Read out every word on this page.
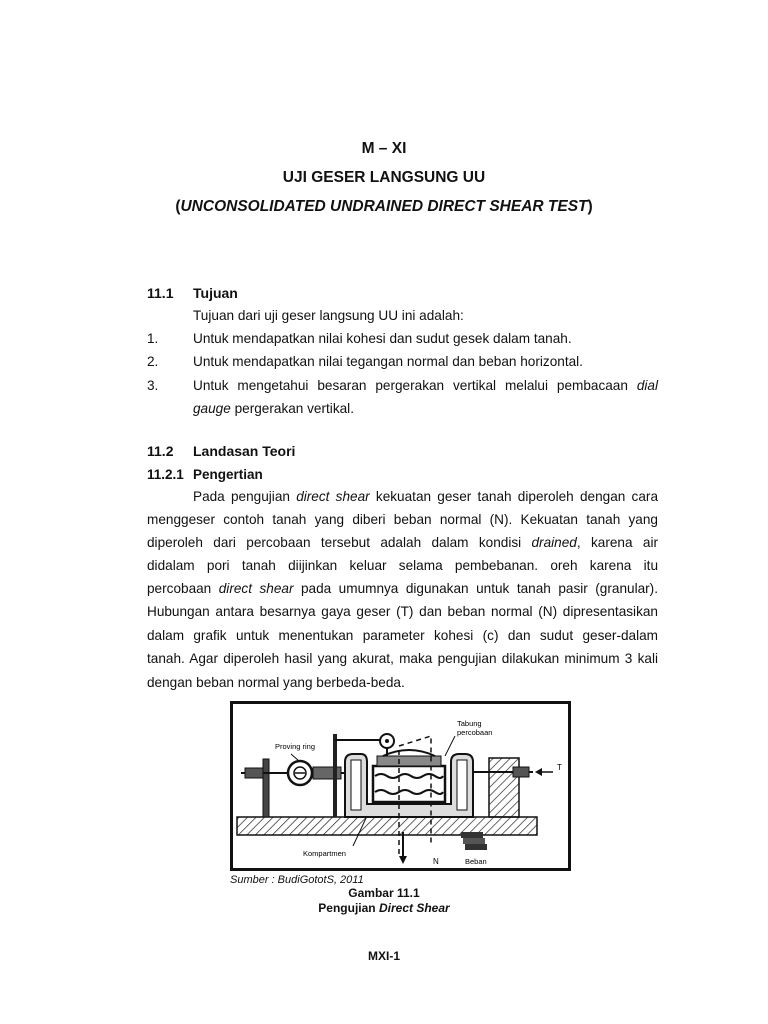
M – XI
UJI GESER LANGSUNG UU
(UNCONSOLIDATED UNDRAINED DIRECT SHEAR TEST)
11.1 Tujuan
Tujuan dari uji geser langsung UU ini adalah:
1.	Untuk mendapatkan nilai kohesi dan sudut gesek dalam tanah.
2.	Untuk mendapatkan nilai tegangan normal dan beban horizontal.
3.	Untuk mengetahui besaran pergerakan vertikal melalui pembacaan dial
gauge pergerakan vertikal.
11.2 Landasan Teori
11.2.1 Pengertian
Pada pengujian direct shear kekuatan geser tanah diperoleh dengan cara
menggeser contoh tanah yang diberi beban normal (N). Kekuatan tanah yang
diperoleh dari percobaan tersebut adalah dalam kondisi drained, karena air
didalam pori tanah diijinkan keluar selama pembebanan. oreh karena itu
percobaan direct shear pada umumnya digunakan untuk tanah pasir (granular).
Hubungan antara besarnya gaya geser (T) dan beban normal (N) dipresentasikan
dalam grafik untuk menentukan parameter kohesi (c) dan sudut geser-dalam
tanah. Agar diperoleh hasil yang akurat, maka pengujian dilakukan minimum 3 kali
dengan beban normal yang berbeda-beda.
Proving ring
Tabung
percobaan
T
Kompartmen
N	Beban
Sumber : BudiGototS, 2011
Gambar 11.1
Pengujian Direct Shear
MXI-1
